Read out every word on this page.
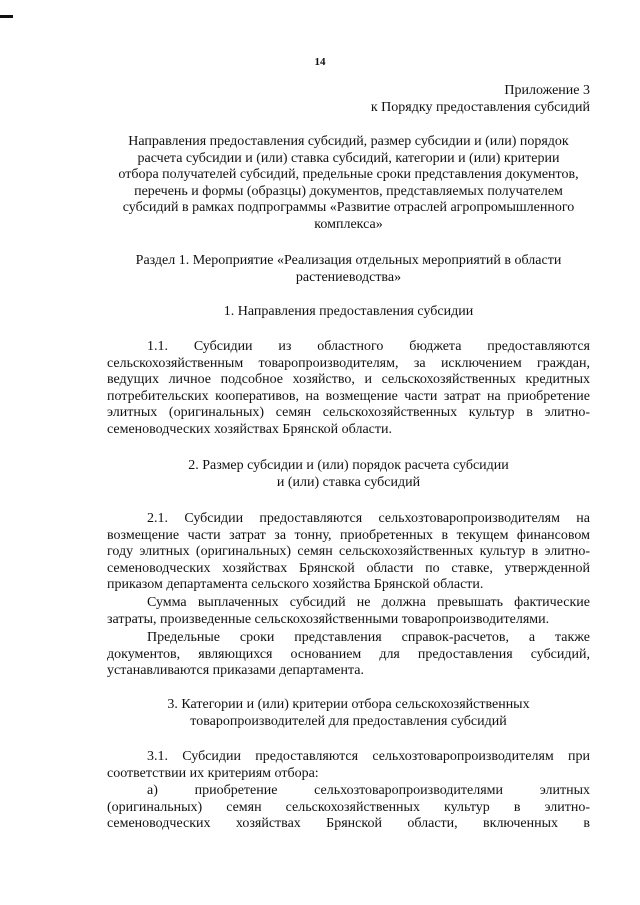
14
Приложение 3
к Порядку предоставления субсидий
Направления предоставления субсидий, размер субсидии и (или) порядок
расчета субсидии и (или) ставка субсидий, категории и (или) критерии
отбора получателей субсидий, предельные сроки представления документов,
перечень и формы (образцы) документов, представляемых получателем
субсидий в рамках подпрограммы «Развитие отраслей агропромышленного
комплекса»
Раздел 1. Мероприятие «Реализация отдельных мероприятий в области
растениеводства»
1. Направления предоставления субсидии
1.1. Субсидии из областного бюджета предоставляются
сельскохозяйственным товаропроизводителям, за исключением граждан,
ведущих личное подсобное хозяйство, и сельскохозяйственных кредитных
потребительских кооперативов, на возмещение части затрат на приобретение
элитных (оригинальных) семян сельскохозяйственных культур в элитно-
семеноводческих хозяйствах Брянской области.
2. Размер субсидии и (или) порядок расчета субсидии
и (или) ставка субсидий
2.1. Субсидии предоставляются сельхозтоваропроизводителям на
возмещение части затрат за тонну, приобретенных в текущем финансовом
году элитных (оригинальных) семян сельскохозяйственных культур в элитно-
семеноводческих хозяйствах Брянской области по ставке, утвержденной
приказом департамента сельского хозяйства Брянской области.
Сумма выплаченных субсидий не должна превышать фактические
затраты, произведенные сельскохозяйственными товаропроизводителями.
Предельные сроки представления справок-расчетов, а также
документов, являющихся основанием для предоставления субсидий,
устанавливаются приказами департамента.
3. Категории и (или) критерии отбора сельскохозяйственных
товаропроизводителей для предоставления субсидий
3.1. Субсидии предоставляются сельхозтоваропроизводителям при
соответствии их критериям отбора:
а) приобретение сельхозтоваропроизводителями элитных
(оригинальных) семян сельскохозяйственных культур в элитно-
семеноводческих хозяйствах Брянской области, включенных в
